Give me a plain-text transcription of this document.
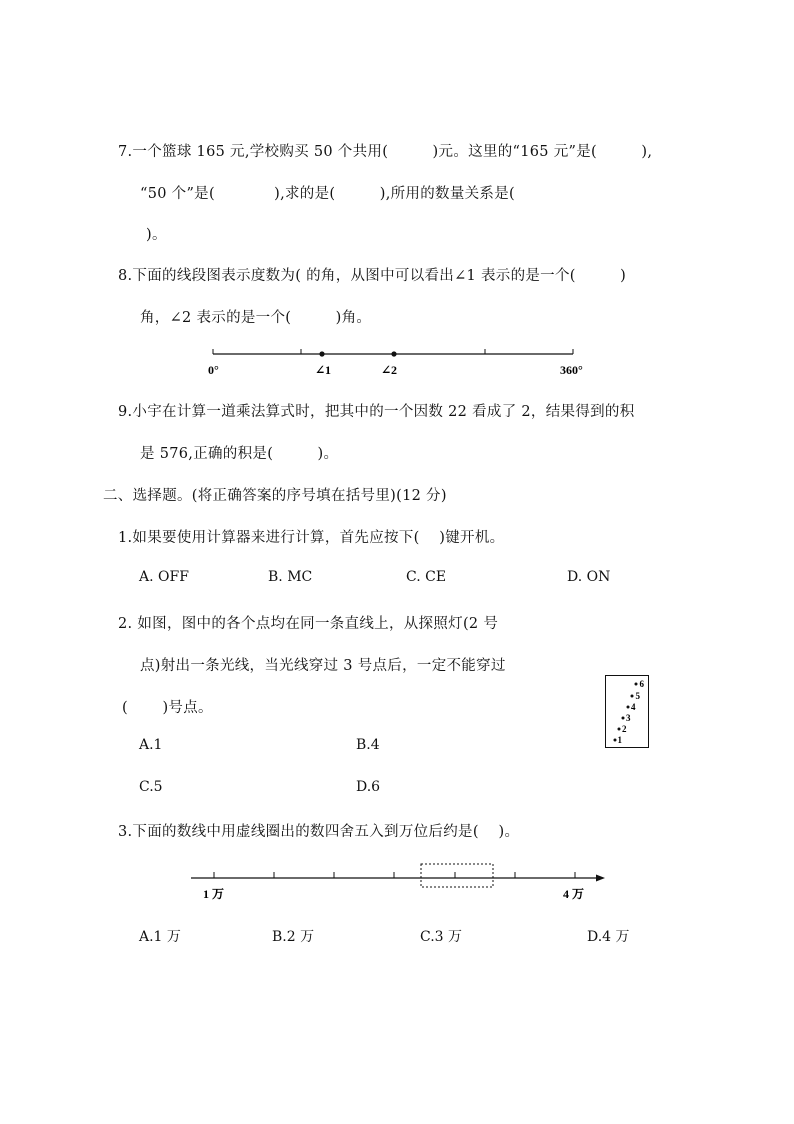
7.一个篮球 165 元,学校购买 50 个共用(　　　)元。这里的“165 元”是(　　　),
“50 个”是(　　　　),求的是(　　　),所用的数量关系是(
)。
8.下面的线段图表示度数为( 的角，从图中可以看出∠1 表示的是一个(　　　)
角，∠2 表示的是一个(　　　)角。
0°	∠1	∠2	360°
9.小宇在计算一道乘法算式时，把其中的一个因数 22 看成了 2，结果得到的积
是 576,正确的积是(　　　)。
二、选择题。(将正确答案的序号填在括号里)(12 分)
1.如果要使用计算器来进行计算，首先应按下(　 )键开机。
A. OFF	B. MC	C. CE	D. ON
2. 如图，图中的各个点均在同一条直线上，从探照灯(2 号
点)射出一条光线，当光线穿过 3 号点后，一定不能穿过
(　　 )号点。
A.1	B.4
C.5	D.6
1
2
3
4
5
6
3.下面的数线中用虚线圈出的数四舍五入到万位后约是(　 )。
1 万	4 万
A.1 万	B.2 万	C.3 万	D.4 万
